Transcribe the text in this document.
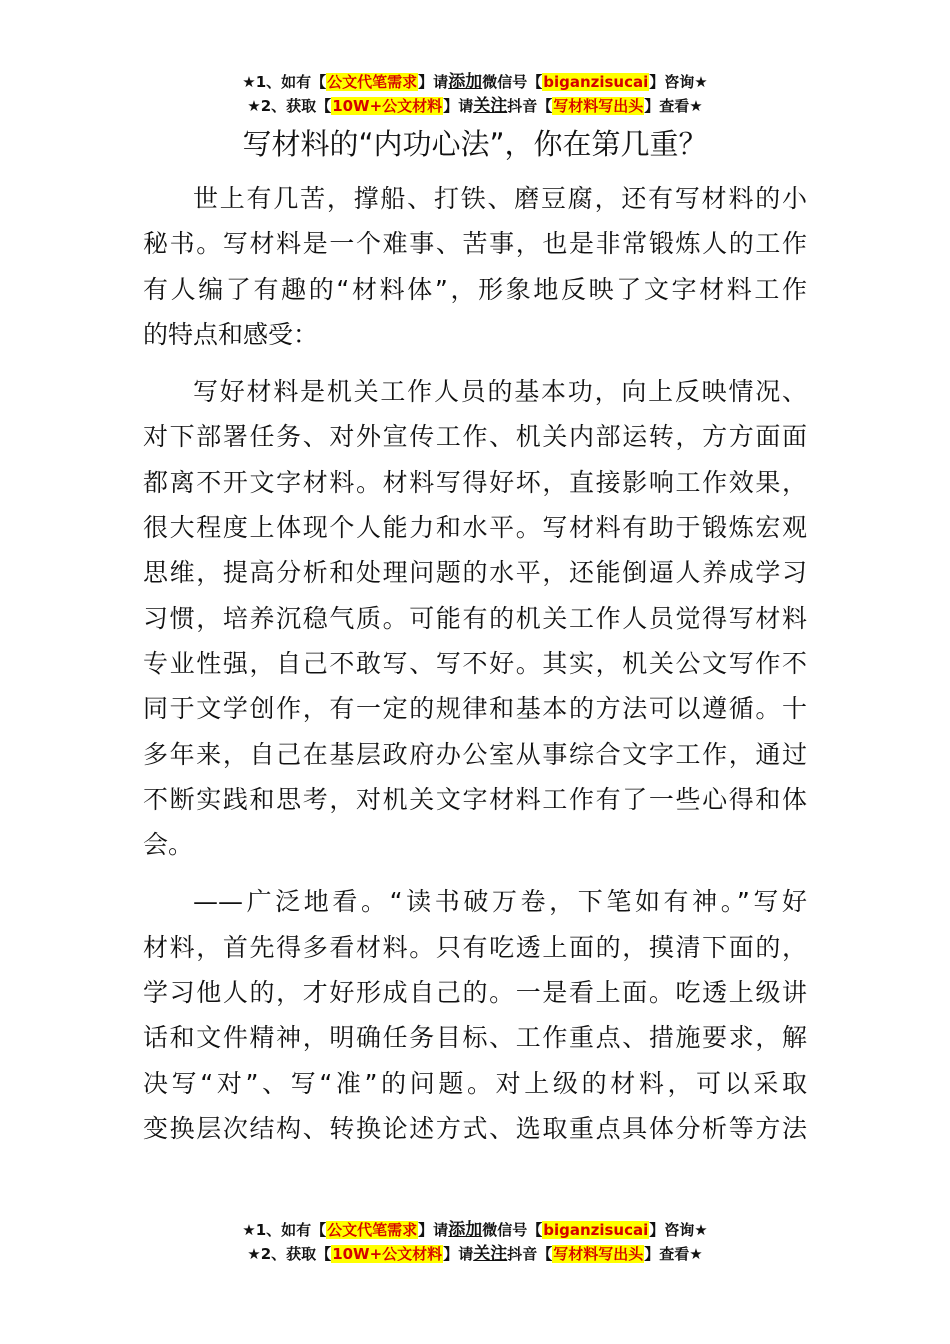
★1、如有【公文代笔需求】请添加微信号【biganzisucai】咨询★
★2、获取【10W+公文材料】请关注抖音【写材料写出头】查看★
写材料的“内功心法”，你在第几重？
世上有几苦，撑船、打铁、磨豆腐，还有写材料的小
秘书。写材料是一个难事、苦事，也是非常锻炼人的工作
有人编了有趣的“材料体”，形象地反映了文字材料工作
的特点和感受：
写好材料是机关工作人员的基本功，向上反映情况、
对下部署任务、对外宣传工作、机关内部运转，方方面面
都离不开文字材料。材料写得好坏，直接影响工作效果，
很大程度上体现个人能力和水平。写材料有助于锻炼宏观
思维，提高分析和处理问题的水平，还能倒逼人养成学习
习惯，培养沉稳气质。可能有的机关工作人员觉得写材料
专业性强，自己不敢写、写不好。其实，机关公文写作不
同于文学创作，有一定的规律和基本的方法可以遵循。十
多年来，自己在基层政府办公室从事综合文字工作，通过
不断实践和思考，对机关文字材料工作有了一些心得和体
会。
——广泛地看。“读书破万卷，下笔如有神。”写好
材料，首先得多看材料。只有吃透上面的，摸清下面的，
学习他人的，才好形成自己的。一是看上面。吃透上级讲
话和文件精神，明确任务目标、工作重点、措施要求，解
决写“对”、写“准”的问题。对上级的材料，可以采取
变换层次结构、转换论述方式、选取重点具体分析等方法
★1、如有【公文代笔需求】请添加微信号【biganzisucai】咨询★
★2、获取【10W+公文材料】请关注抖音【写材料写出头】查看★
